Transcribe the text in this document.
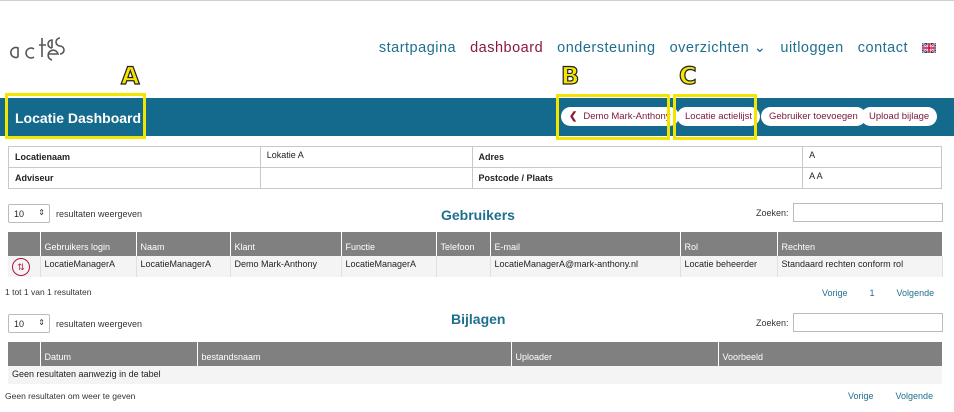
startpagina dashboard ondersteuning overzichten ⌄ uitloggen contact
A	B	C
Locatie Dashboard	❮ Demo Mark-Anthony	Locatie actielijst	Gebruiker toevoegen	Upload bijlage
Locatienaam	Lokatie A	Adres	A
Adviseur		Postcode / Plaats	A A
10 ⇕ resultaten weergeven	Gebruikers	Zoeken:
	Gebruikers login	Naam	Klant	Functie	Telefoon	E-mail	Rol	Rechten
⇅	LocatieManagerA	LocatieManagerA	Demo Mark-Anthony	LocatieManagerA		LocatieManagerA@mark-anthony.nl	Locatie beheerder	Standaard rechten conform rol
1 tot 1 van 1 resultaten	Vorige 1 Volgende
10 ⇕ resultaten weergeven	Bijlagen	Zoeken:
	Datum	bestandsnaam	Uploader	Voorbeeld
Geen resultaten aanwezig in de tabel
Geen resultaten om weer te geven	Vorige Volgende
